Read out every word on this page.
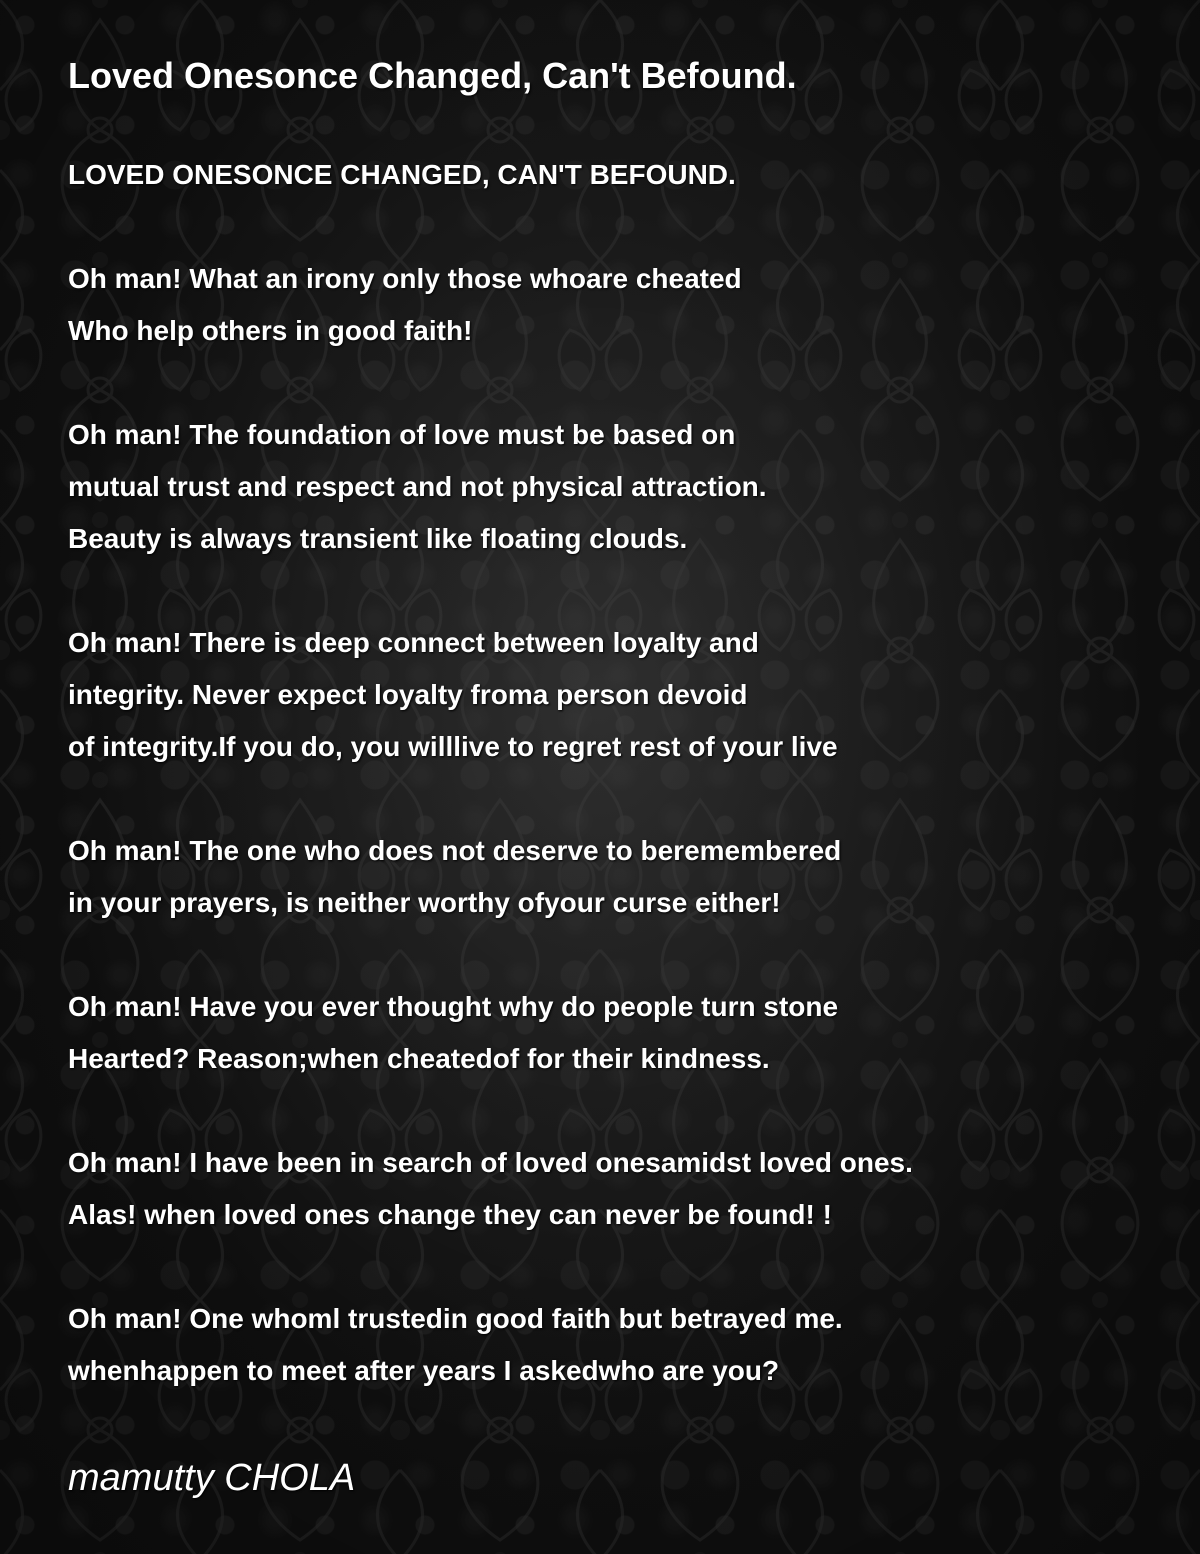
Loved Onesonce Changed, Can't Befound.
LOVED ONESONCE CHANGED, CAN'T BEFOUND.
Oh man! What an irony only those whoare cheated
Who help others in good faith!
Oh man! The foundation of love must be based on
mutual trust and respect and not physical attraction.
Beauty is always transient like floating clouds.
Oh man! There is deep connect between loyalty and
integrity. Never expect loyalty froma person devoid
of integrity.If you do, you willlive to regret rest of your live
Oh man! The one who does not deserve to beremembered
in your prayers, is neither worthy ofyour curse either!
Oh man! Have you ever thought why do people turn stone
Hearted? Reason;when cheatedof for their kindness.
Oh man! I have been in search of loved onesamidst loved ones.
Alas! when loved ones change they can never be found! !
Oh man! One whoml trustedin good faith but betrayed me.
whenhappen to meet after years I askedwho are you?
mamutty CHOLA
